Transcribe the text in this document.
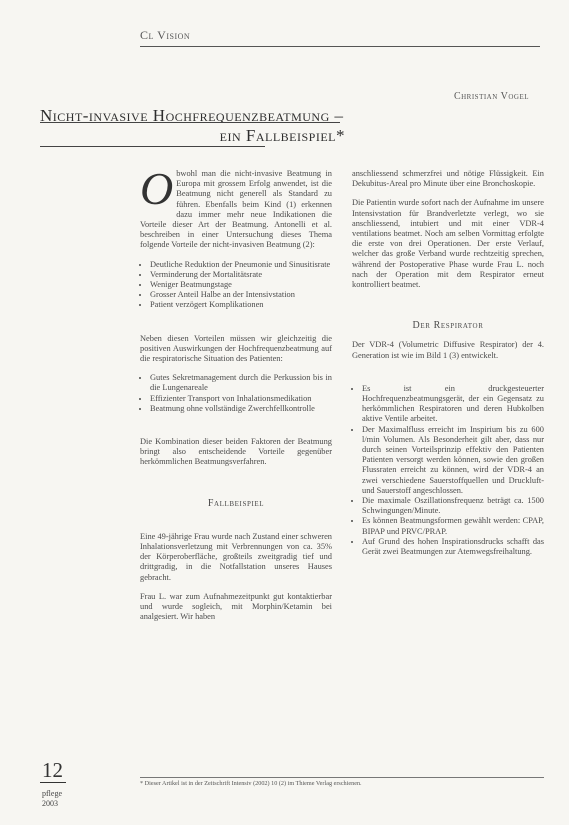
Cl Vision
Christian Vogel
Nicht-invasive Hochfrequenzbeatmung –
ein Fallbeispiel*

O bwohl man die nicht-invasive Beatmung in Europa mit grossem Erfolg anwendet, ist die Beatmung nicht generell als Standard zu führen. Ebenfalls beim Kind (1) erkennen dazu immer mehr neue Indikationen die Vorteile dieser Art der Beatmung. Antonelli et al. beschreiben in einer Untersuchung dieses Thema folgende Vorteile der nicht-invasiven Beatmung (2):

• Deutliche Reduktion der Pneumonie und Sinusitisrate
• Verminderung der Mortalitätsrate
• Weniger Beatmungstage
• Grosser Anteil Halbe an der Intensivstation
• Patient verzögert Komplikationen

Neben diesen Vorteilen müssen wir gleichzeitig die positiven Auswirkungen der Hochfrequenzbeatmung auf die respiratorische Situation des Patienten:

• Gutes Sekretmanagement durch die Perkussion bis in die Lungenareale
• Effizienter Transport von Inhalationsmedikation
• Beatmung ohne vollständige Zwerchfellkontrolle

Die Kombination dieser beiden Faktoren der Beatmung bringt also entscheidende Vorteile gegenüber herkömmlichen Beatmungsverfahren.

Fallbeispiel

Eine 49-jährige Frau wurde nach Zustand einer schweren Inhalationsverletzung mit Verbrennungen von ca. 35% der Körperoberfläche, großteils zweitgradig tief und drittgradig, in die Notfallstation unseres Hauses gebracht.

Frau L. war zum Aufnahmezeitpunkt gut kontaktierbar und wurde sogleich, mit Morphin/Ketamin bei analgesiert. Wir haben

anschliessend schmerzfrei und nötige Flüssigkeit. Ein Dekubitus-Areal pro Minute über eine Bronchoskopie.

Die Patientin wurde sofort nach der Aufnahme im unsere Intensivstation für Brandverletzte verlegt, wo sie anschliessend, intubiert und mit einer VDR-4 ventilations beatmet. Noch am selben Vormittag erfolgte die erste von drei Operationen. Der erste Verlauf, welcher das große Verband wurde rechtzeitig sprechen, während der Postoperative Phase wurde Frau L. noch nach der Operation mit dem Respirator erneut kontrolliert beatmet.

Der Respirator

Der VDR-4 (Volumetric Diffusive Respirator) der 4. Generation ist wie im Bild 1 (3) entwickelt.

• Es ist ein druckgesteuerter Hochfrequenzbeatmungsgerät, der ein Gegensatz zu herkömmlichen Respiratoren und deren Hubkolben aktive Ventile arbeitet.
• Der Maximalfluss erreicht im Inspirium bis zu 600 l/min Volumen. Als Besonderheit gilt aber, dass nur durch seinen Vorteilsprinzip effektiv den Patienten Patienten versorgt werden können, sowie den großen Flussraten erreicht zu können, wird der VDR-4 an zwei verschiedene Sauerstoffquellen und Druckluft- und Sauerstoff angeschlossen.
• Die maximale Oszillationsfrequenz beträgt ca. 1500 Schwingungen/Minute.
• Es können Beatmungsformen gewählt werden: CPAP, BIPAP und PRVC/PRAP.
• Auf Grund des hohen Inspirationsdrucks schafft das Gerät zwei Beatmungen zur Atemwegsfreihaltung.
* Dieser Artikel ist in der Zeitschrift Intensiv (2002) 10 (2) im Thieme Verlag erschienen.
12
pflege
2003
